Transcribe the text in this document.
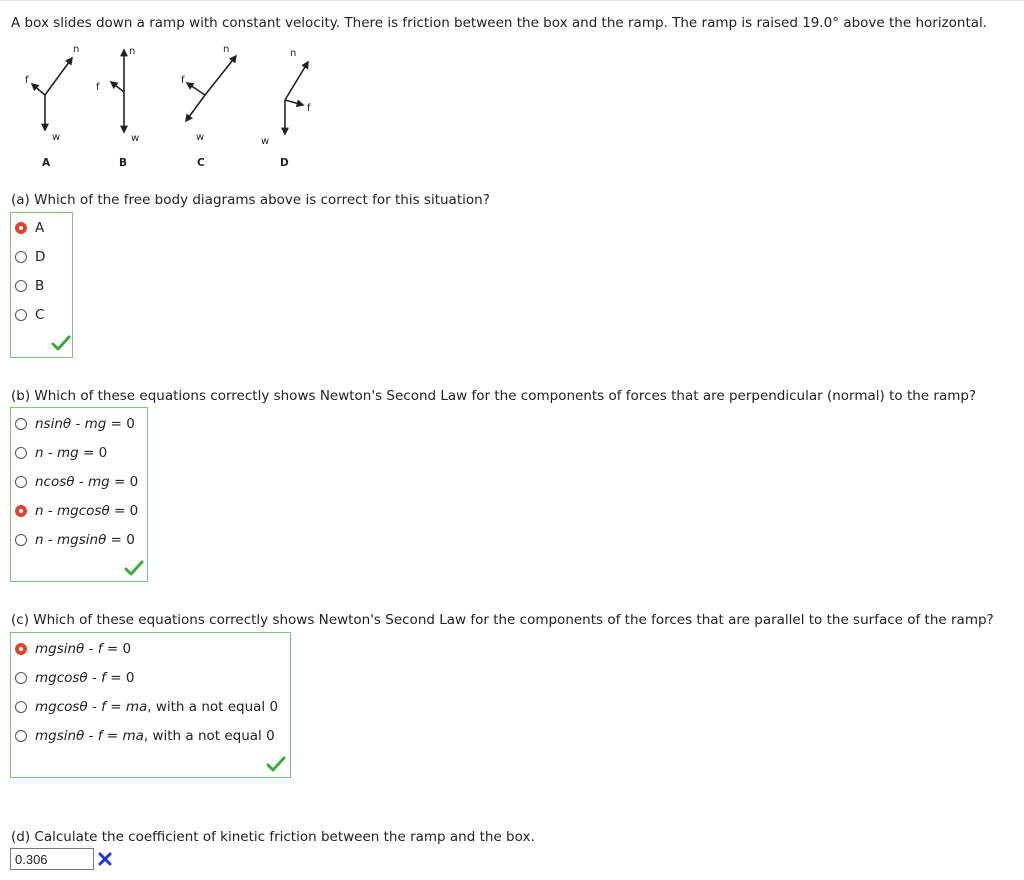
A box slides down a ramp with constant velocity. There is friction between the box and the ramp. The ramp is raised 19.0° above the horizontal.
n
f
w
A
n
f
w
B
n
f
w
C
n
f
w
D
(a) Which of the free body diagrams above is correct for this situation?
A
D
B
C
(b) Which of these equations correctly shows Newton's Second Law for the components of forces that are perpendicular (normal) to the ramp?
nsinθ - mg = 0
n - mg = 0
ncosθ - mg = 0
n - mgcosθ = 0
n - mgsinθ = 0
(c) Which of these equations correctly shows Newton's Second Law for the components of the forces that are parallel to the surface of the ramp?
mgsinθ - f = 0
mgcosθ - f = 0
mgcosθ - f = ma , with a not equal 0
mgsinθ - f = ma , with a not equal 0
(d) Calculate the coefficient of kinetic friction between the ramp and the box.
0.306
